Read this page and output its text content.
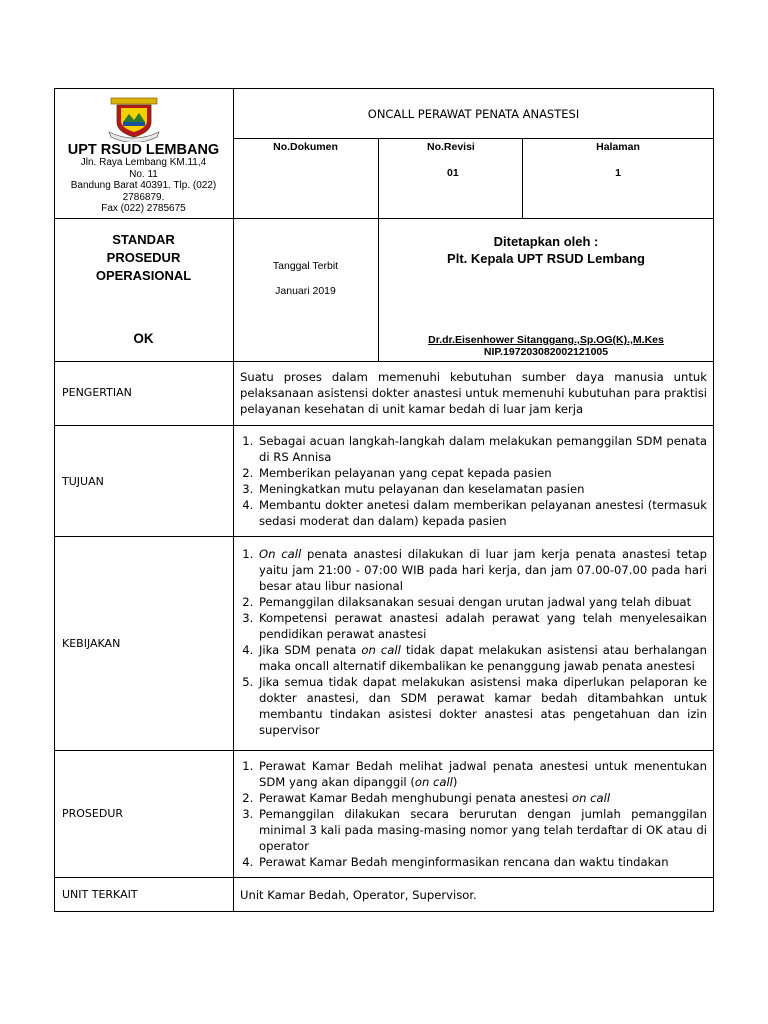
UPT RSUD LEMBANG
Jln. Raya Lembang KM.11,4
No. 11
Bandung Barat 40391. Tlp. (022)
2786879.
Fax (022) 2785675
ONCALL PERAWAT PENATA ANASTESI
No.Dokumen	No.Revisi
01
Halaman
1
STANDAR
PROSEDUR
OPERASIONAL
OK
Tanggal Terbit
Januari 2019
Ditetapkan oleh :
Plt. Kepala UPT RSUD Lembang
Dr.dr.Eisenhower Sitanggang.,Sp.OG(K).,M.Kes
NIP.197203082002121005
PENGERTIAN
Suatu proses dalam memenuhi kebutuhan sumber daya manusia untuk pelaksanaan asistensi dokter anastesi untuk memenuhi kubutuhan para praktisi pelayanan kesehatan di unit kamar bedah di luar jam kerja
TUJUAN
1. Sebagai acuan langkah-langkah dalam melakukan pemanggilan SDM penata di RS Annisa
2. Memberikan pelayanan yang cepat kepada pasien
3. Meningkatkan mutu pelayanan dan keselamatan pasien
4. Membantu dokter anetesi dalam memberikan pelayanan anestesi (termasuk sedasi moderat dan dalam) kepada pasien
KEBIJAKAN
1. On call penata anastesi dilakukan di luar jam kerja penata anastesi tetap yaitu jam 21:00 - 07:00 WIB pada hari kerja, dan jam 07.00-07.00 pada hari besar atau libur nasional
2. Pemanggilan dilaksanakan sesuai dengan urutan jadwal yang telah dibuat
3. Kompetensi perawat anastesi adalah perawat yang telah menyelesaikan pendidikan perawat anastesi
4. Jika SDM penata on call tidak dapat melakukan asistensi atau berhalangan maka oncall alternatif dikembalikan ke penanggung jawab penata anestesi
5. Jika semua tidak dapat melakukan asistensi maka diperlukan pelaporan ke dokter anastesi, dan SDM perawat kamar bedah ditambahkan untuk membantu tindakan asistesi dokter anastesi atas pengetahuan dan izin supervisor
PROSEDUR
1. Perawat Kamar Bedah melihat jadwal penata anestesi untuk menentukan SDM yang akan dipanggil (on call)
2. Perawat Kamar Bedah menghubungi penata anestesi on call
3. Pemanggilan dilakukan secara berurutan dengan jumlah pemanggilan minimal 3 kali pada masing-masing nomor yang telah terdaftar di OK atau di operator
4. Perawat Kamar Bedah menginformasikan rencana dan waktu tindakan
UNIT TERKAIT	Unit Kamar Bedah, Operator, Supervisor.
